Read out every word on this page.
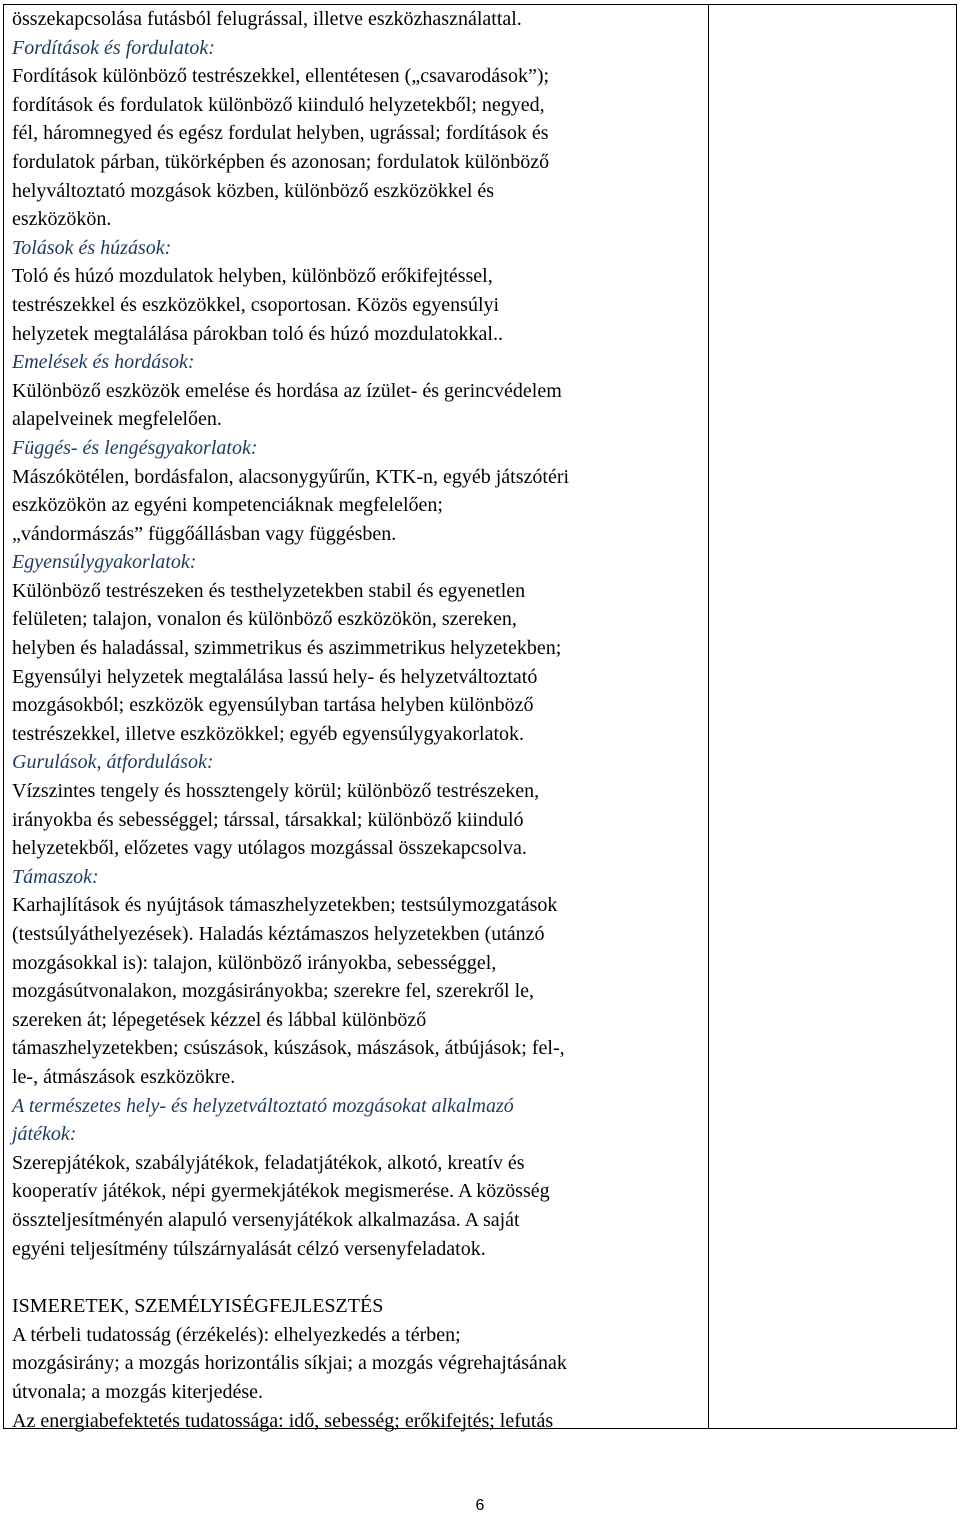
összekapcsolása futásból felugrással, illetve eszközhasználattal.
Fordítások és fordulatok:
Fordítások különböző testrészekkel, ellentétesen („csavarodások”);
fordítások és fordulatok különböző kiinduló helyzetekből; negyed,
fél, háromnegyed és egész fordulat helyben, ugrással; fordítások és
fordulatok párban, tükörképben és azonosan; fordulatok különböző
helyváltoztató mozgások közben, különböző eszközökkel és
eszközökön.
Tolások és húzások:
Toló és húzó mozdulatok helyben, különböző erőkifejtéssel,
testrészekkel és eszközökkel, csoportosan. Közös egyensúlyi
helyzetek megtalálása párokban toló és húzó mozdulatokkal..
Emelések és hordások:
Különböző eszközök emelése és hordása az ízület- és gerincvédelem
alapelveinek megfelelően.
Függés- és lengésgyakorlatok:
Mászókötélen, bordásfalon, alacsonygyűrűn, KTK-n, egyéb játszótéri
eszközökön az egyéni kompetenciáknak megfelelően;
„vándormászás” függőállásban vagy függésben.
Egyensúlygyakorlatok:
Különböző testrészeken és testhelyzetekben stabil és egyenetlen
felületen; talajon, vonalon és különböző eszközökön, szereken,
helyben és haladással, szimmetrikus és aszimmetrikus helyzetekben;
Egyensúlyi helyzetek megtalálása lassú hely- és helyzetváltoztató
mozgásokból; eszközök egyensúlyban tartása helyben különböző
testrészekkel, illetve eszközökkel; egyéb egyensúlygyakorlatok.
Gurulások, átfordulások:
Vízszintes tengely és hossztengely körül; különböző testrészeken,
irányokba és sebességgel; társsal, társakkal; különböző kiinduló
helyzetekből, előzetes vagy utólagos mozgással összekapcsolva.
Támaszok:
Karhajlítások és nyújtások támaszhelyzetekben; testsúlymozgatások
(testsúlyáthelyezések). Haladás kéztámaszos helyzetekben (utánzó
mozgásokkal is): talajon, különböző irányokba, sebességgel,
mozgásútvonalakon, mozgásirányokba; szerekre fel, szerekről le,
szereken át; lépegetések kézzel és lábbal különböző
támaszhelyzetekben; csúszások, kúszások, mászások, átbújások; fel-,
le-, átmászások eszközökre.
A természetes hely- és helyzetváltoztató mozgásokat alkalmazó
játékok:
Szerepjátékok, szabályjátékok, feladatjátékok, alkotó, kreatív és
kooperatív játékok, népi gyermekjátékok megismerése. A közösség
összteljesítményén alapuló versenyjátékok alkalmazása. A saját
egyéni teljesítmény túlszárnyalását célzó versenyfeladatok.
ISMERETEK, SZEMÉLYISÉGFEJLESZTÉS
A térbeli tudatosság (érzékelés): elhelyezkedés a térben;
mozgásirány; a mozgás horizontális síkjai; a mozgás végrehajtásának
útvonala; a mozgás kiterjedése.
Az energiabefektetés tudatossága: idő, sebesség; erőkifejtés; lefutás
6
